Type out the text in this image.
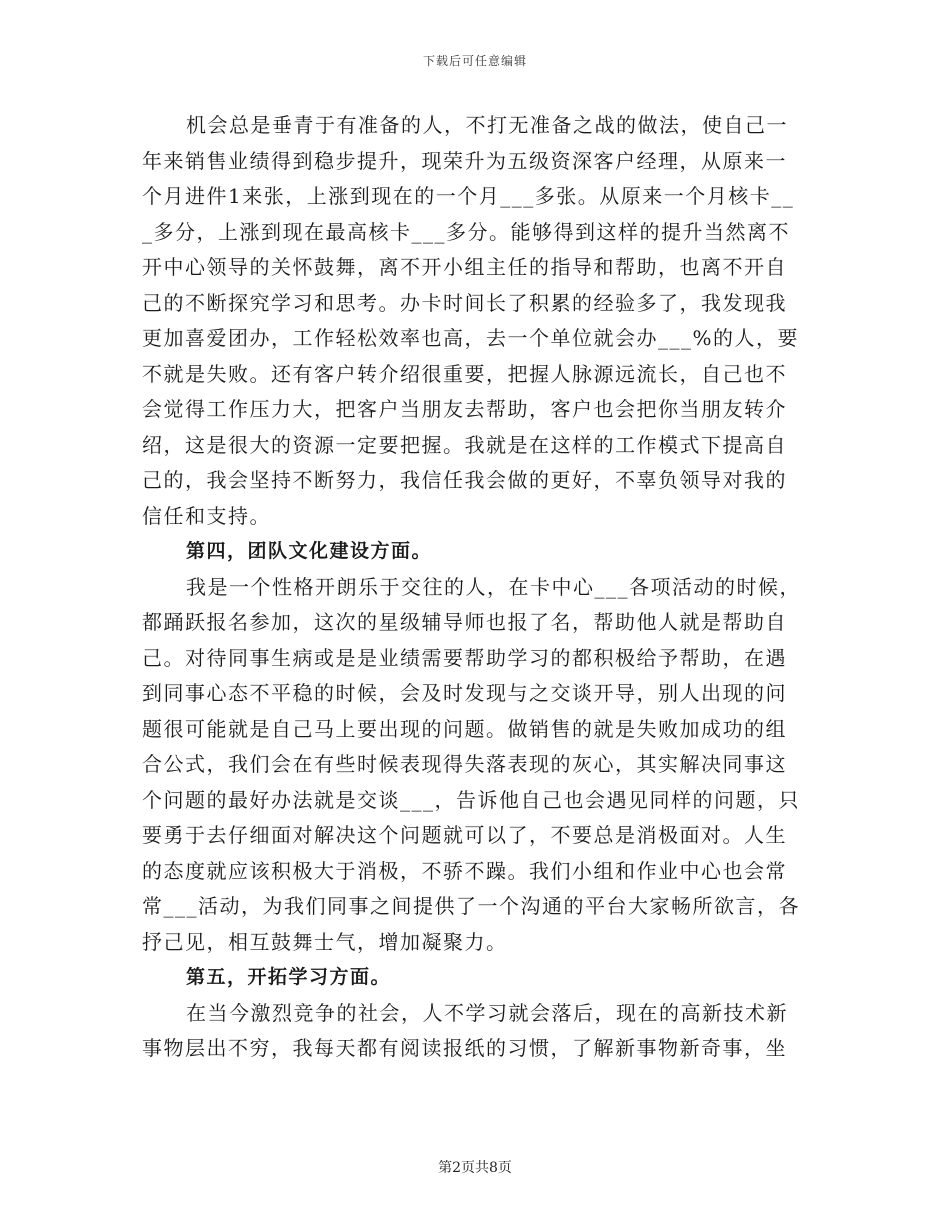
下载后可任意编辑
机会总是垂青于有准备的人，不打无准备之战的做法，使自己一
年来销售业绩得到稳步提升，现荣升为五级资深客户经理，从原来一
个月进件1来张，上涨到现在的一个月___多张。从原来一个月核卡__
_多分，上涨到现在最高核卡___多分。能够得到这样的提升当然离不
开中心领导的关怀鼓舞，离不开小组主任的指导和帮助，也离不开自
己的不断探究学习和思考。办卡时间长了积累的经验多了，我发现我
更加喜爱团办，工作轻松效率也高，去一个单位就会办___%的人，要
不就是失败。还有客户转介绍很重要，把握人脉源远流长，自己也不
会觉得工作压力大，把客户当朋友去帮助，客户也会把你当朋友转介
绍，这是很大的资源一定要把握。我就是在这样的工作模式下提高自
己的，我会坚持不断努力，我信任我会做的更好，不辜负领导对我的
信任和支持。
第四，团队文化建设方面。
我是一个性格开朗乐于交往的人，在卡中心___各项活动的时候，
都踊跃报名参加，这次的星级辅导师也报了名，帮助他人就是帮助自
己。对待同事生病或是是业绩需要帮助学习的都积极给予帮助，在遇
到同事心态不平稳的时候，会及时发现与之交谈开导，别人出现的问
题很可能就是自己马上要出现的问题。做销售的就是失败加成功的组
合公式，我们会在有些时候表现得失落表现的灰心，其实解决同事这
个问题的最好办法就是交谈___，告诉他自己也会遇见同样的问题，只
要勇于去仔细面对解决这个问题就可以了，不要总是消极面对。人生
的态度就应该积极大于消极，不骄不躁。我们小组和作业中心也会常
常___活动，为我们同事之间提供了一个沟通的平台大家畅所欲言，各
抒己见，相互鼓舞士气，增加凝聚力。
第五，开拓学习方面。
在当今激烈竞争的社会，人不学习就会落后，现在的高新技术新
事物层出不穷，我每天都有阅读报纸的习惯，了解新事物新奇事，坐
第2页共8页
